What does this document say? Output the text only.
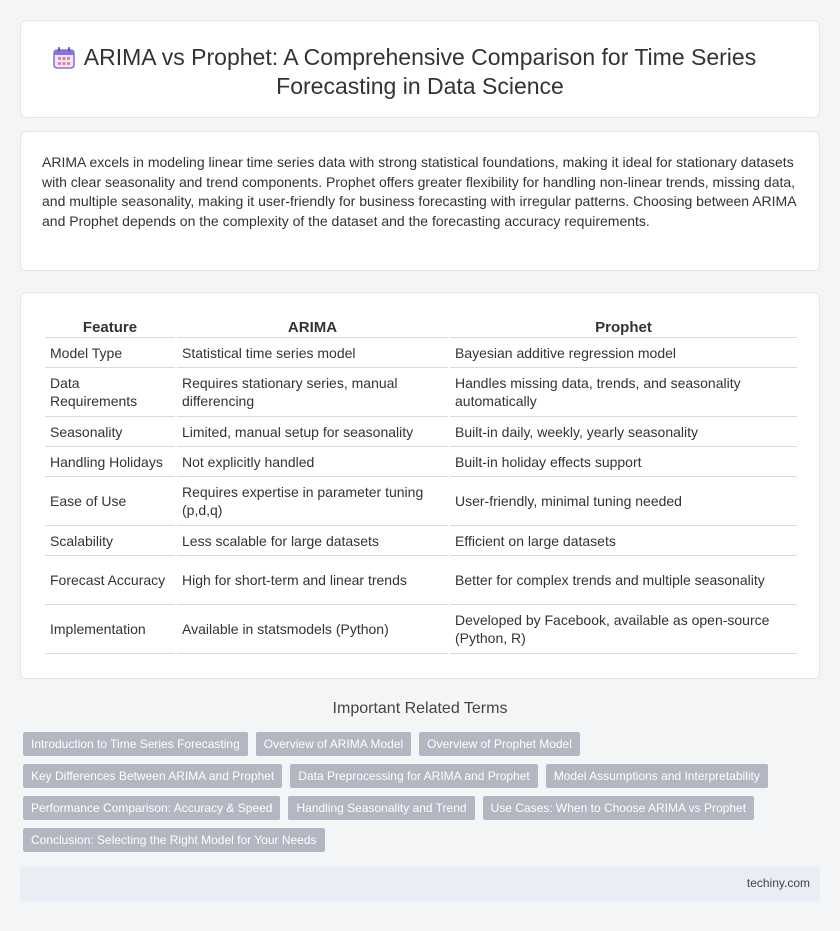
ARIMA vs Prophet: A Comprehensive Comparison for Time Series Forecasting in Data Science

ARIMA excels in modeling linear time series data with strong statistical foundations, making it ideal for stationary datasets with clear seasonality and trend components. Prophet offers greater flexibility for handling non-linear trends, missing data, and multiple seasonality, making it user-friendly for business forecasting with irregular patterns. Choosing between ARIMA and Prophet depends on the complexity of the dataset and the forecasting accuracy requirements.

Feature	ARIMA	Prophet
Model Type	Statistical time series model	Bayesian additive regression model
Data Requirements	Requires stationary series, manual differencing	Handles missing data, trends, and seasonality automatically
Seasonality	Limited, manual setup for seasonality	Built-in daily, weekly, yearly seasonality
Handling Holidays	Not explicitly handled	Built-in holiday effects support
Ease of Use	Requires expertise in parameter tuning (p,d,q)	User-friendly, minimal tuning needed
Scalability	Less scalable for large datasets	Efficient on large datasets
Forecast Accuracy	High for short-term and linear trends	Better for complex trends and multiple seasonality
Implementation	Available in statsmodels (Python)	Developed by Facebook, available as open-source (Python, R)
Important Related Terms
Introduction to Time Series Forecasting	Overview of ARIMA Model	Overview of Prophet Model
Key Differences Between ARIMA and Prophet	Data Preprocessing for ARIMA and Prophet	Model Assumptions and Interpretability
Performance Comparison: Accuracy & Speed	Handling Seasonality and Trend	Use Cases: When to Choose ARIMA vs Prophet
Conclusion: Selecting the Right Model for Your Needs
techiny.com
